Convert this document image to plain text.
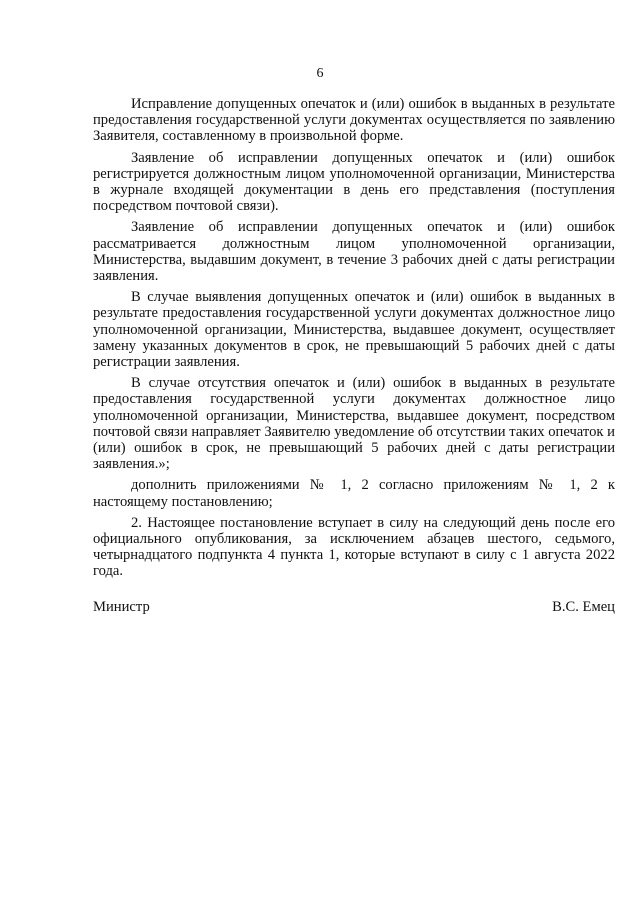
6

Исправление допущенных опечаток и (или) ошибок в выданных в результате предоставления государственной услуги документах осуществляется по заявлению Заявителя, составленному в произвольной форме.

Заявление об исправлении допущенных опечаток и (или) ошибок регистрируется должностным лицом уполномоченной организации, Министерства в журнале входящей документации в день его представления (поступления посредством почтовой связи).

Заявление об исправлении допущенных опечаток и (или) ошибок рассматривается должностным лицом уполномоченной организации, Министерства, выдавшим документ, в течение 3 рабочих дней с даты регистрации заявления.

В случае выявления допущенных опечаток и (или) ошибок в выданных в результате предоставления государственной услуги документах должностное лицо уполномоченной организации, Министерства, выдавшее документ, осуществляет замену указанных документов в срок, не превышающий 5 рабочих дней с даты регистрации заявления.

В случае отсутствия опечаток и (или) ошибок в выданных в результате предоставления государственной услуги документах должностное лицо уполномоченной организации, Министерства, выдавшее документ, посредством почтовой связи направляет Заявителю уведомление об отсутствии таких опечаток и (или) ошибок в срок, не превышающий 5 рабочих дней с даты регистрации заявления.»;

дополнить приложениями № 1, 2 согласно приложениям № 1, 2 к настоящему постановлению;

2. Настоящее постановление вступает в силу на следующий день после его официального опубликования, за исключением абзацев шестого, седьмого, четырнадцатого подпункта 4 пункта 1, которые вступают в силу с 1 августа 2022 года.

Министр	В.С. Емец
